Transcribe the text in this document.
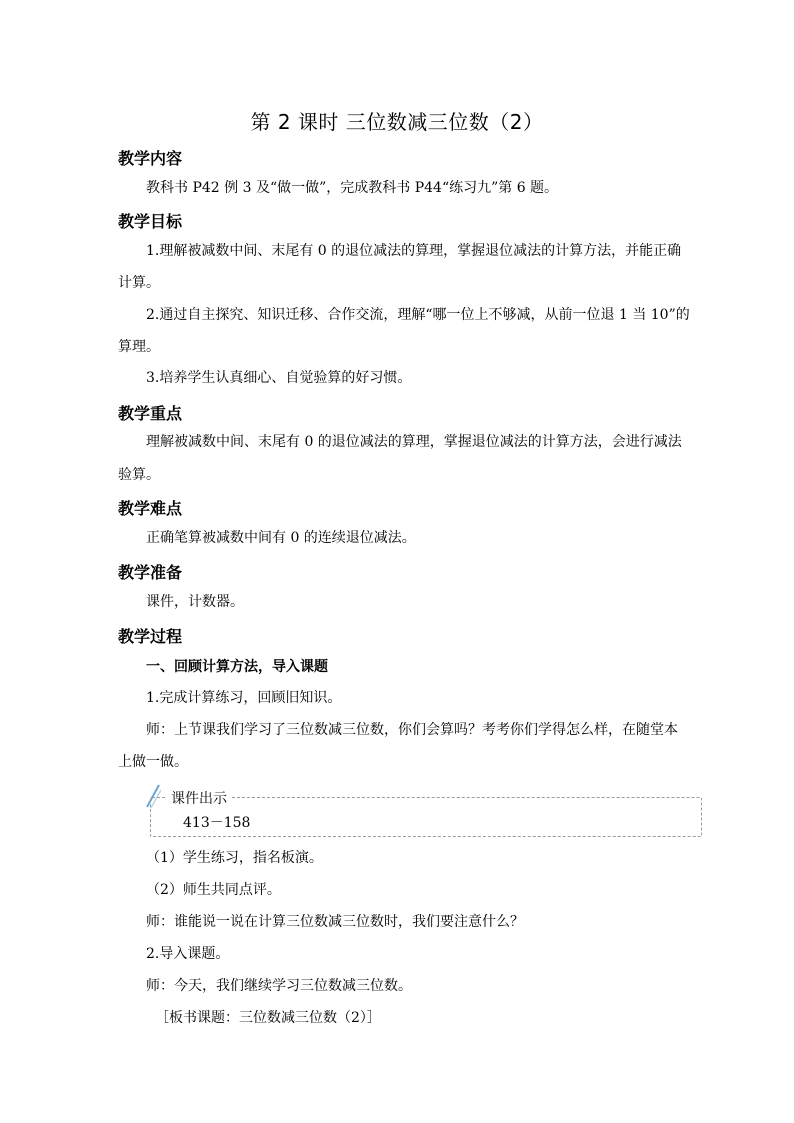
第 2 课时 三位数减三位数（2）
教学内容
教科书 P42 例 3 及“做一做”，完成教科书 P44“练习九”第 6 题。
教学目标
1.理解被减数中间、末尾有 0 的退位减法的算理，掌握退位减法的计算方法，并能正确
计算。
2.通过自主探究、知识迁移、合作交流，理解“哪一位上不够减，从前一位退 1 当 10”的
算理。
3.培养学生认真细心、自觉验算的好习惯。
教学重点
理解被减数中间、末尾有 0 的退位减法的算理，掌握退位减法的计算方法，会进行减法
验算。
教学难点
正确笔算被减数中间有 0 的连续退位减法。
教学准备
课件，计数器。
教学过程
一、回顾计算方法，导入课题
1.完成计算练习，回顾旧知识。
师：上节课我们学习了三位数减三位数，你们会算吗？考考你们学得怎么样，在随堂本
上做一做。
课件出示
413－158
（1）学生练习，指名板演。
（2）师生共同点评。
师：谁能说一说在计算三位数减三位数时，我们要注意什么？
2.导入课题。
师：今天，我们继续学习三位数减三位数。
［板书课题：三位数减三位数（2）］
